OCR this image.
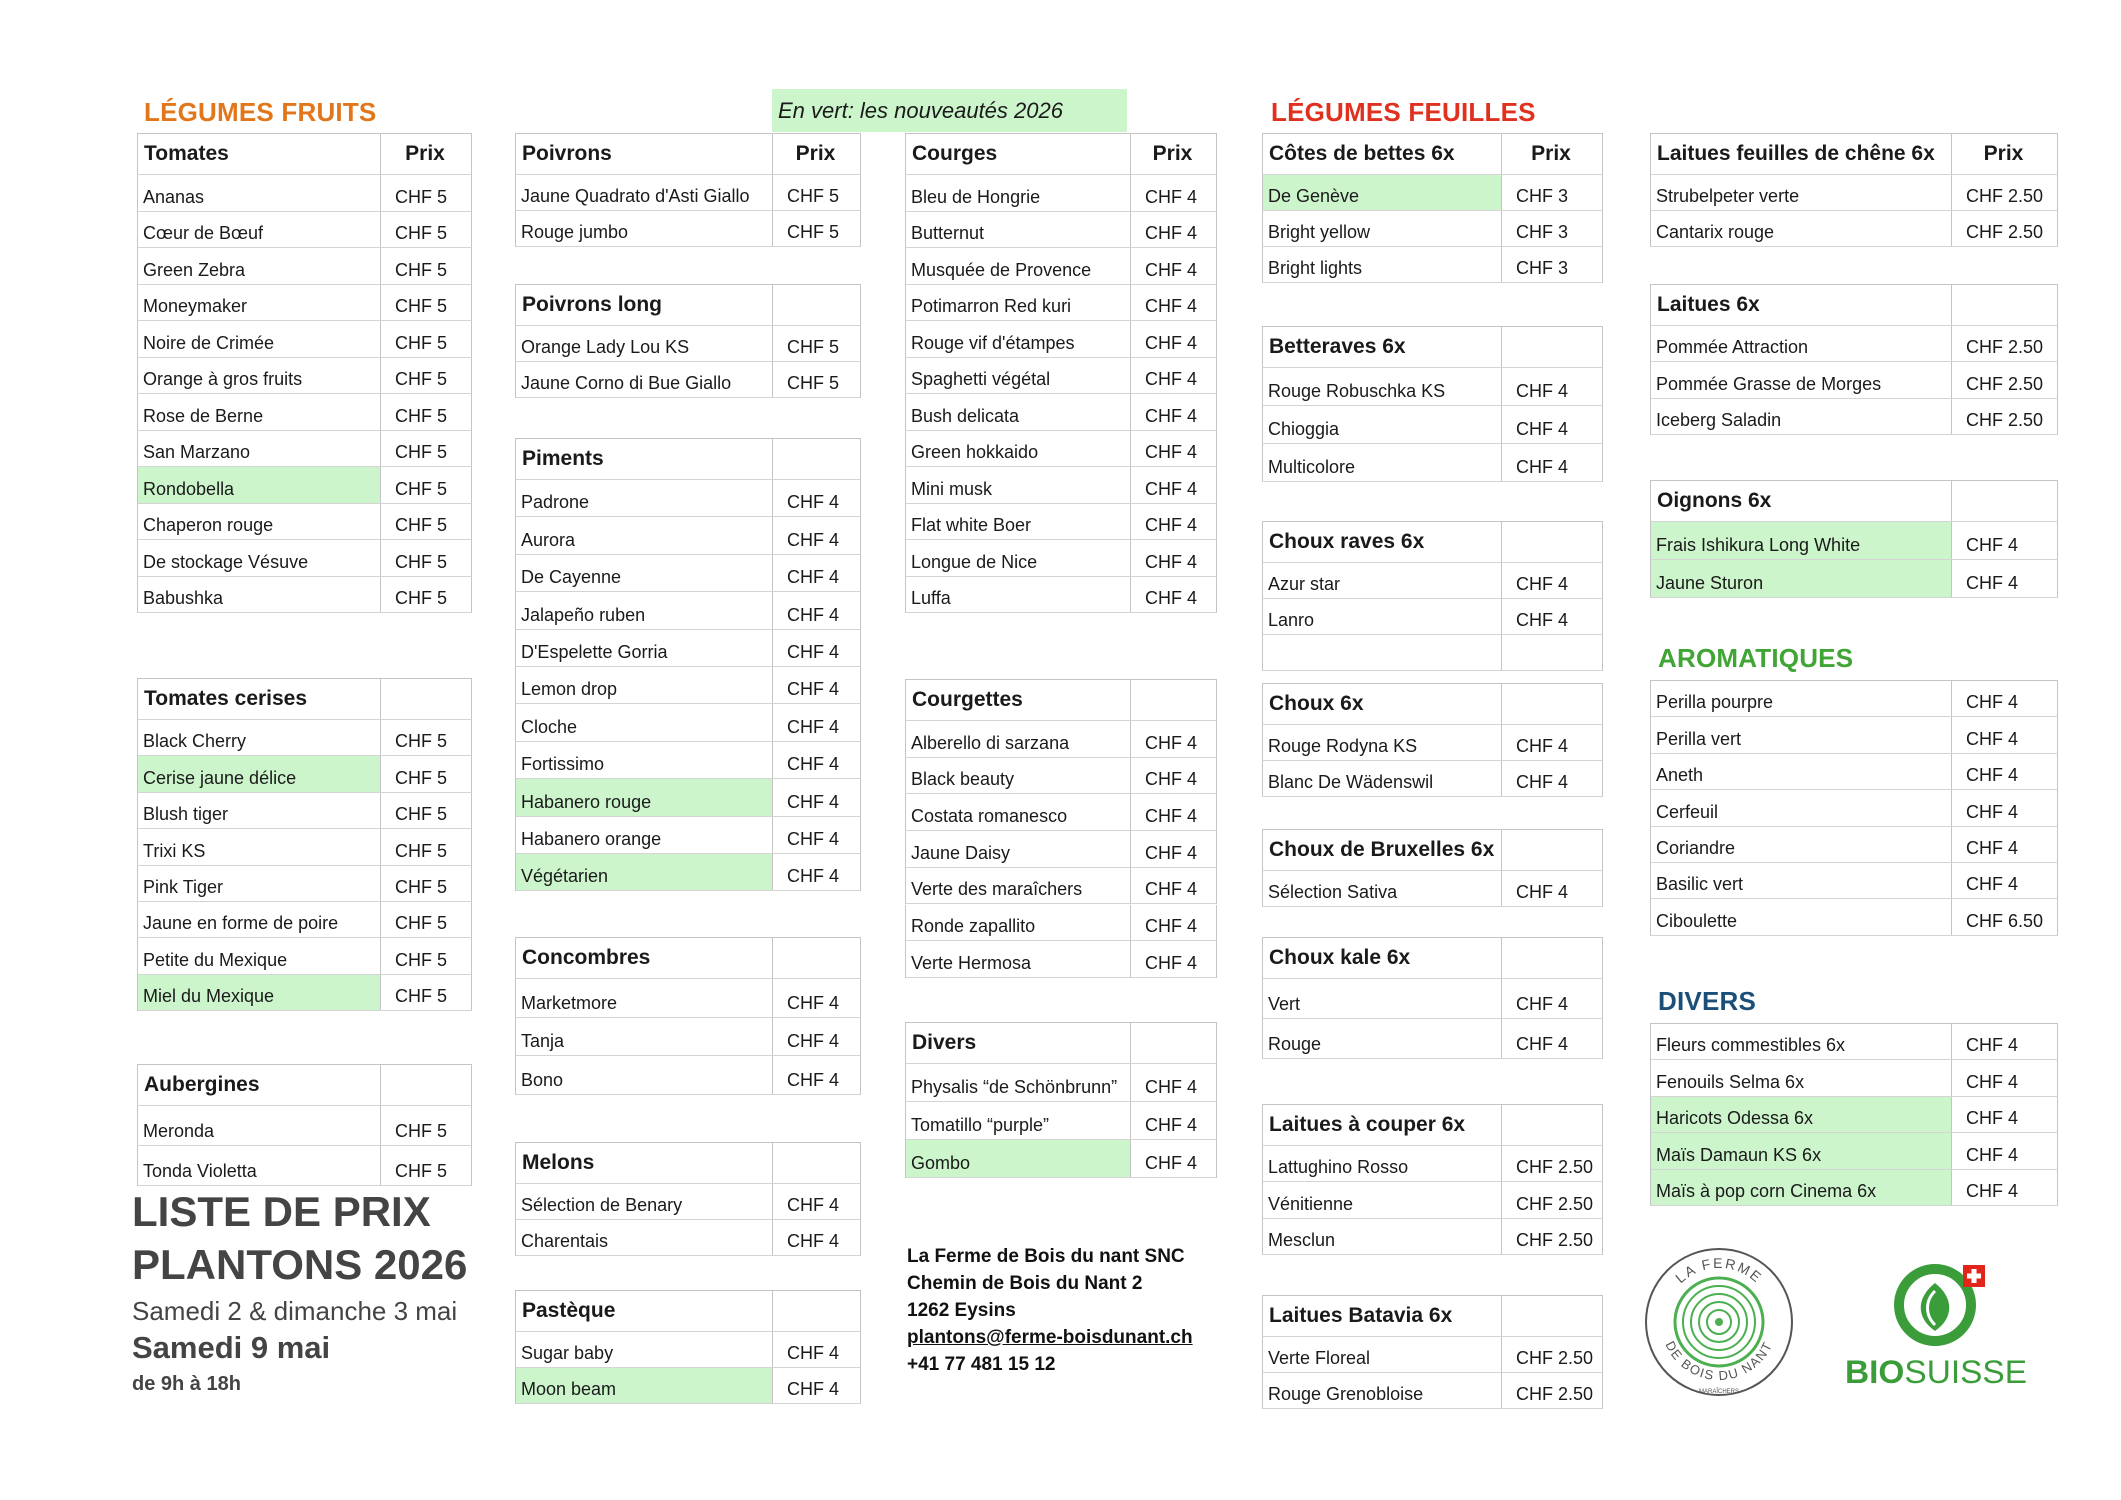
LÉGUMES FRUITS	LÉGUMES FEUILLES
AROMATIQUES
DIVERS
En vert: les nouveautés 2026
Tomates	Prix
Ananas	CHF 5
Cœur de Bœuf	CHF 5
Green Zebra	CHF 5
Moneymaker	CHF 5
Noire de Crimée	CHF 5
Orange à gros fruits	CHF 5
Rose de Berne	CHF 5
San Marzano	CHF 5
Rondobella	CHF 5
Chaperon rouge	CHF 5
De stockage Vésuve	CHF 5
Babushka	CHF 5
Tomates cerises
Black Cherry	CHF 5
Cerise jaune délice	CHF 5
Blush tiger	CHF 5
Trixi KS	CHF 5
Pink Tiger	CHF 5
Jaune en forme de poire	CHF 5
Petite du Mexique	CHF 5
Miel du Mexique	CHF 5
Aubergines
Meronda	CHF 5
Tonda Violetta	CHF 5
Poivrons	Prix
Jaune Quadrato d'Asti Giallo	CHF 5
Rouge jumbo	CHF 5
Poivrons long
Orange Lady Lou KS	CHF 5
Jaune Corno di Bue Giallo	CHF 5
Piments
Padrone	CHF 4
Aurora	CHF 4
De Cayenne	CHF 4
Jalapeño ruben	CHF 4
D'Espelette Gorria	CHF 4
Lemon drop	CHF 4
Cloche	CHF 4
Fortissimo	CHF 4
Habanero rouge	CHF 4
Habanero orange	CHF 4
Végétarien	CHF 4
Concombres
Marketmore	CHF 4
Tanja	CHF 4
Bono	CHF 4
Melons
Sélection de Benary	CHF 4
Charentais	CHF 4
Pastèque
Sugar baby	CHF 4
Moon beam	CHF 4
Courges	Prix
Bleu de Hongrie	CHF 4
Butternut	CHF 4
Musquée de Provence	CHF 4
Potimarron Red kuri	CHF 4
Rouge vif d'étampes	CHF 4
Spaghetti végétal	CHF 4
Bush delicata	CHF 4
Green hokkaido	CHF 4
Mini musk	CHF 4
Flat white Boer	CHF 4
Longue de Nice	CHF 4
Luffa	CHF 4
Courgettes
Alberello di sarzana	CHF 4
Black beauty	CHF 4
Costata romanesco	CHF 4
Jaune Daisy	CHF 4
Verte des maraîchers	CHF 4
Ronde zapallito	CHF 4
Verte Hermosa	CHF 4
Divers
Physalis “de Schönbrunn”	CHF 4
Tomatillo “purple”	CHF 4
Gombo	CHF 4
Côtes de bettes 6x	Prix
De Genève	CHF 3
Bright yellow	CHF 3
Bright lights	CHF 3
Betteraves 6x
Rouge Robuschka KS	CHF 4
Chioggia	CHF 4
Multicolore	CHF 4
Choux raves 6x
Azur star	CHF 4
Lanro	CHF 4
Choux 6x
Rouge Rodyna KS	CHF 4
Blanc De Wädenswil	CHF 4
Choux de Bruxelles 6x
Sélection Sativa	CHF 4
Choux kale 6x
Vert	CHF 4
Rouge	CHF 4
Laitues à couper 6x
Lattughino Rosso	CHF 2.50
Vénitienne	CHF 2.50
Mesclun	CHF 2.50
Laitues Batavia 6x
Verte Floreal	CHF 2.50
Rouge Grenobloise	CHF 2.50
Laitues feuilles de chêne 6x	Prix
Strubelpeter verte	CHF 2.50
Cantarix rouge	CHF 2.50
Laitues 6x
Pommée Attraction	CHF 2.50
Pommée Grasse de Morges	CHF 2.50
Iceberg Saladin	CHF 2.50
Oignons 6x
Frais Ishikura Long White	CHF 4
Jaune Sturon	CHF 4
Perilla pourpre	CHF 4
Perilla vert	CHF 4
Aneth	CHF 4
Cerfeuil	CHF 4
Coriandre	CHF 4
Basilic vert	CHF 4
Ciboulette	CHF 6.50
Fleurs commestibles 6x	CHF 4
Fenouils Selma 6x	CHF 4
Haricots Odessa 6x	CHF 4
Maïs Damaun KS 6x	CHF 4
Maïs à pop corn Cinema 6x	CHF 4
LISTE DE PRIX
PLANTONS 2026

Samedi 2 & dimanche 3 mai

Samedi 9 mai

de 9h à 18h

La Ferme de Bois du nant SNC
Chemin de Bois du Nant 2
1262 Eysins
plantons@ferme-boisdunant.ch
+41 77 481 15 12
LA FERME
DE BOIS DU NANT
MARAÎCHERS
BIOSUISSE
